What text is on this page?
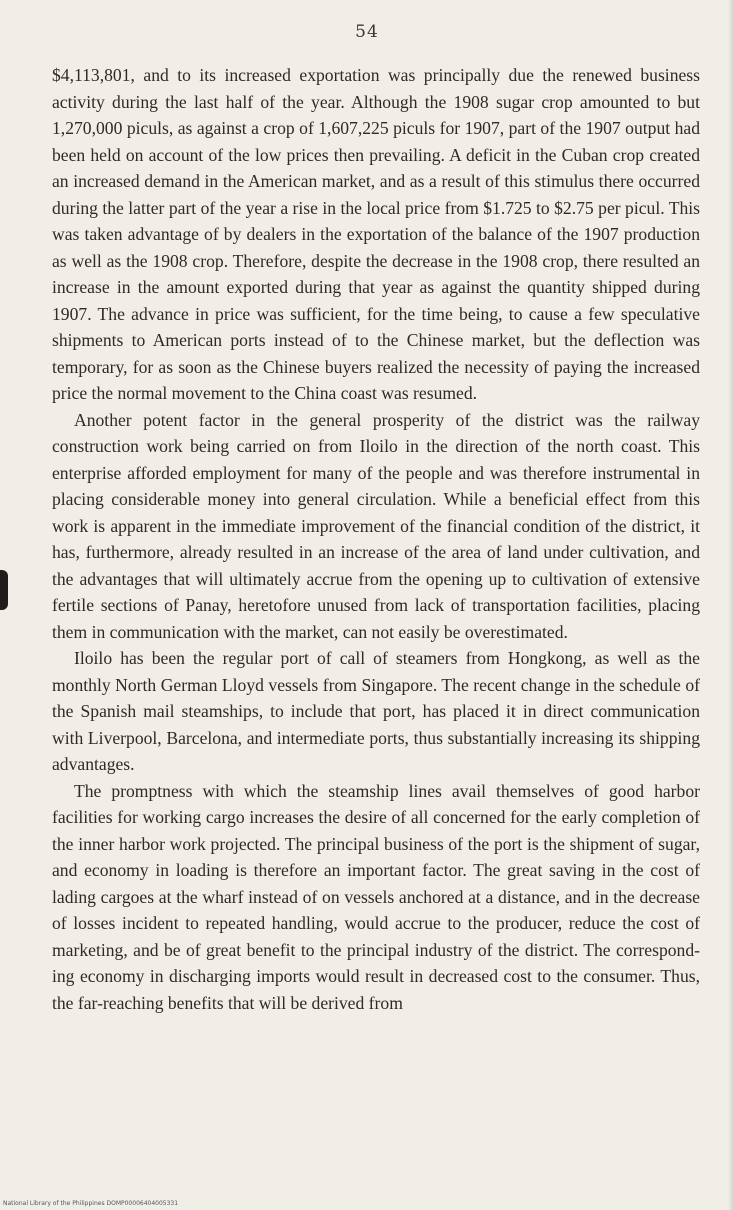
54

$4,113,801, and to its increased exportation was principally due the renewed business activity during the last half of the year. Although the 1908 sugar crop amounted to but 1,270,000 piculs, as against a crop of 1,607,225 piculs for 1907, part of the 1907 output had been held on account of the low prices then prevailing. A deficit in the Cuban crop created an increased demand in the American market, and as a result of this stimulus there occurred during the latter part of the year a rise in the local price from $1.725 to $2.75 per picul. This was taken advantage of by dealers in the exportation of the balance of the 1907 production as well as the 1908 crop. Therefore, despite the decrease in the 1908 crop, there resulted an increase in the amount exported during that year as against the quantity shipped during 1907. The advance in price was sufficient, for the time being, to cause a few speculative shipments to American ports instead of to the Chinese market, but the deflection was temporary, for as soon as the Chinese buyers realized the necessity of paying the increased price the normal movement to the China coast was resumed.

Another potent factor in the general prosperity of the district was the railway construction work being carried on from Iloilo in the direction of the north coast. This enterprise afforded employment for many of the people and was therefore instrumental in placing considerable money into general circulation. While a beneficial effect from this work is apparent in the immediate improvement of the financial condition of the district, it has, furthermore, already resulted in an increase of the area of land under cultivation, and the advantages that will ultimately accrue from the opening up to cultivation of extensive fertile sections of Panay, heretofore unused from lack of transportation facilities, placing them in communication with the market, can not easily be overestimated.

Iloilo has been the regular port of call of steamers from Hongkong, as well as the monthly North German Lloyd vessels from Singapore. The recent change in the schedule of the Spanish mail steamships, to include that port, has placed it in direct communication with Liverpool, Barcelona, and intermediate ports, thus substantially increasing its shipping advantages.

The promptness with which the steamship lines avail themselves of good harbor facilities for working cargo increases the desire of all concerned for the early completion of the inner harbor work projected. The principal business of the port is the shipment of sugar, and economy in loading is therefore an important factor. The great saving in the cost of lading cargoes at the wharf instead of on vessels anchored at a distance, and in the decrease of losses incident to repeated handling, would accrue to the producer, reduce the cost of marketing, and be of great benefit to the principal industry of the district. The corresponding economy in discharging imports would result in decreased cost to the consumer. Thus, the far-reaching benefits that will be derived from

National Library of the Philippines DOMP00006404005331
